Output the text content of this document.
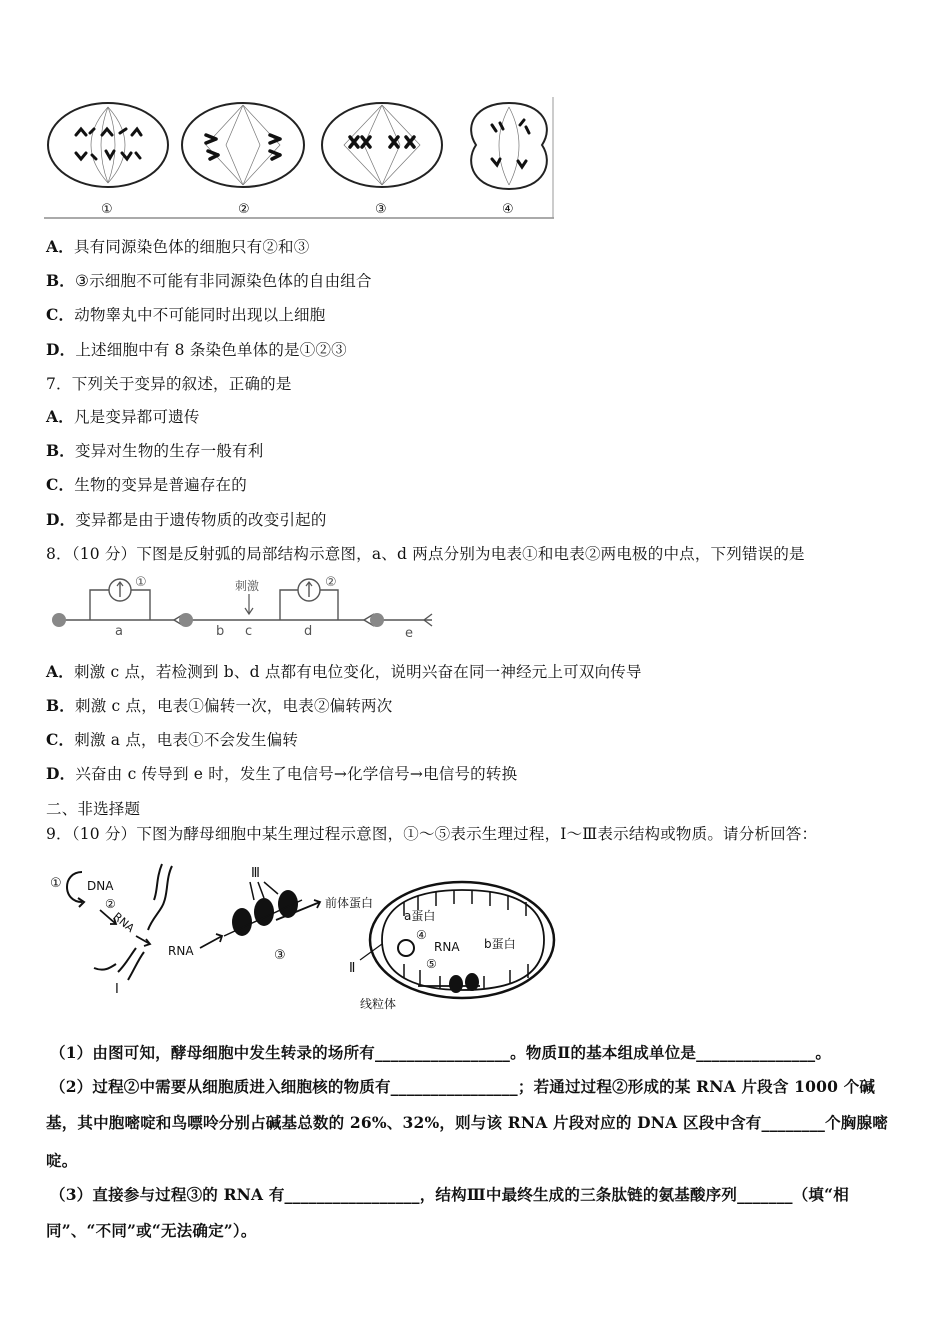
①	②	③	④
A．具有同源染色体的细胞只有②和③
B．③示细胞不可能有非同源染色体的自由组合
C．动物睾丸中不可能同时出现以上细胞
D．上述细胞中有 8 条染色单体的是①②③
7．下列关于变异的叙述，正确的是
A．凡是变异都可遗传
B．变异对生物的生存一般有利
C．生物的变异是普遍存在的
D．变异都是由于遗传物质的改变引起的
8．（10 分）下图是反射弧的局部结构示意图，a、d 两点分别为电表①和电表②两电极的中点，下列错误的是
①	②
刺激
a	b c	d	e
A．刺激 c 点，若检测到 b、d 点都有电位变化，说明兴奋在同一神经元上可双向传导
B．刺激 c 点，电表①偏转一次，电表②偏转两次
C．刺激 a 点，电表①不会发生偏转
D．兴奋由 c 传导到 e 时，发生了电信号→化学信号→电信号的转换
二、非选择题
9．（10 分）下图为酵母细胞中某生理过程示意图，①～⑤表示生理过程，Ⅰ～Ⅲ表示结构或物质。请分析回答：
① DNA
②
RNA
RNA
Ⅰ
Ⅲ
③
前体蛋白
a蛋白
④
RNA b蛋白
⑤
Ⅱ
线粒体
（1）由图可知，酵母细胞中发生转录的场所有_________________。物质Ⅱ的基本组成单位是_______________。
（2）过程②中需要从细胞质进入细胞核的物质有________________；若通过过程②形成的某 RNA 片段含 1000 个碱
基，其中胞嘧啶和鸟嘌呤分别占碱基总数的 26%、32%，则与该 RNA 片段对应的 DNA 区段中含有________个胸腺嘧
啶。
（3）直接参与过程③的 RNA 有_________________，结构Ⅲ中最终生成的三条肽链的氨基酸序列_______（填“相
同”、“不同”或“无法确定”）。
